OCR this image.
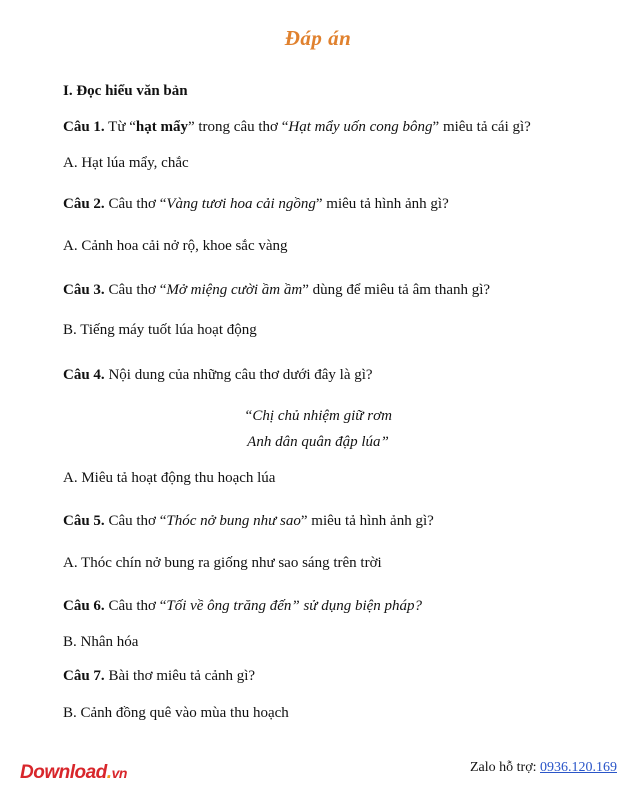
Đáp án
I. Đọc hiểu văn bản
Câu 1. Từ “hạt mẩy” trong câu thơ “Hạt mẩy uốn cong bông” miêu tả cái gì?
A. Hạt lúa mẩy, chắc
Câu 2. Câu thơ “Vàng tươi hoa cải ngồng” miêu tả hình ảnh gì?
A. Cảnh hoa cải nở rộ, khoe sắc vàng
Câu 3. Câu thơ “Mở miệng cười ầm ầm” dùng để miêu tả âm thanh gì?
B. Tiếng máy tuốt lúa hoạt động
Câu 4. Nội dung của những câu thơ dưới đây là gì?
“Chị chủ nhiệm giữ rơm
Anh dân quân đập lúa”
A. Miêu tả hoạt động thu hoạch lúa
Câu 5. Câu thơ “Thóc nở bung như sao” miêu tả hình ảnh gì?
A. Thóc chín nở bung ra giống như sao sáng trên trời
Câu 6. Câu thơ “Tối về ông trăng đến” sử dụng biện pháp?
B. Nhân hóa
Câu 7. Bài thơ miêu tả cảnh gì?
B. Cảnh đồng quê vào mùa thu hoạch
Download.vn	Zalo hỗ trợ: 0936.120.169
